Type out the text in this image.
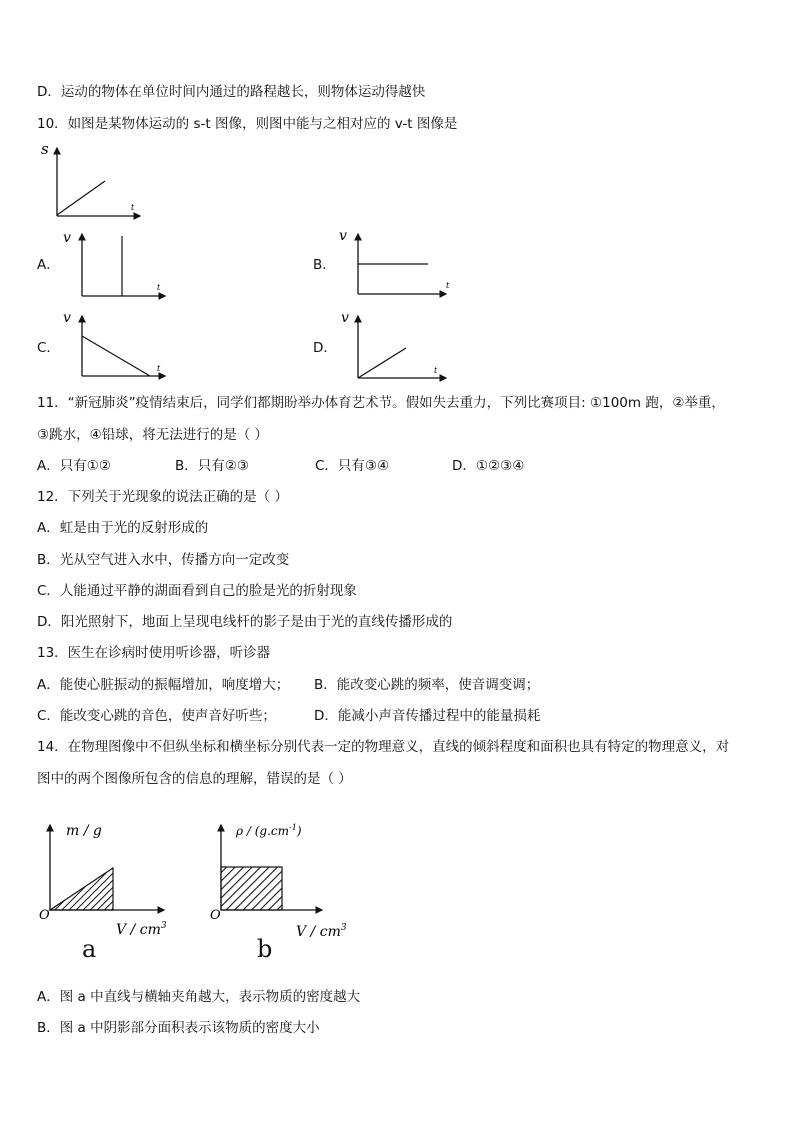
D．运动的物体在单位时间内通过的路程越长，则物体运动得越快
10．如图是某物体运动的 s-t 图像，则图中能与之相对应的 v-t 图像是
s
t
A．
v
t
B．
v
t
C．
v
t
D．
v
t
11．“新冠肺炎”疫情结束后，同学们都期盼举办体育艺术节。假如失去重力，下列比赛项目: ①100m 跑，②举重，
③跳水，④铅球，将无法进行的是（ ）
A．只有①②	B．只有②③	C．只有③④	D．①②③④
12．下列关于光现象的说法正确的是（ ）
A．虹是由于光的反射形成的
B．光从空气进入水中，传播方向一定改变
C．人能通过平静的湖面看到自己的脸是光的折射现象
D．阳光照射下，地面上呈现电线杆的影子是由于光的直线传播形成的
13．医生在诊病时使用听诊器，听诊器
A．能使心脏振动的振幅增加，响度增大； B．能改变心跳的频率，使音调变调；
C．能改变心跳的音色，使声音好听些；	D．能减小声音传播过程中的能量损耗
14．在物理图像中不但纵坐标和横坐标分别代表一定的物理意义，直线的倾斜程度和面积也具有特定的物理意义，对
图中的两个图像所包含的信息的理解，错误的是（ ）
m / g
O
V / $cm^3$
a
ρ / $(g.cm^{-1})$
O
V / $cm^3$
b
A．图 a 中直线与横轴夹角越大，表示物质的密度越大
B．图 a 中阴影部分面积表示该物质的密度大小
